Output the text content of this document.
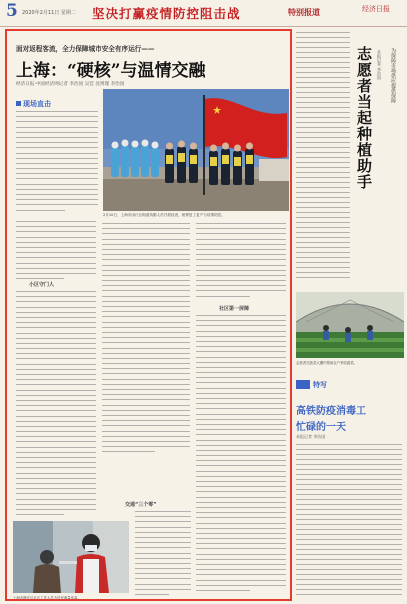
5 2020年2月11日 星期二 坚决打赢疫情防控阻击战	特别报道	经济日报
面对返程客流，全力保障城市安全有序运行——
上海：“硬核”与温情交融
经济日报·中国经济网记者 李治国 吴佳 沈则瑾 李治国
现场直击
2月10日，上海市闵行区街道执勤人员开展检查，统筹复工复产与疫情防控。
小区守门人
交通“三个零”
社区第一屏障
上海市静安区社区工作人员为居民测量体温。
为保障市场供应提供保障
本报记者 李治国
志愿者当起种植助手
志愿者在蔬菜大棚内帮助农户采收蔬菜。
特写
高铁防疫消毒工
忙碌的一天
本报记者 李治国
